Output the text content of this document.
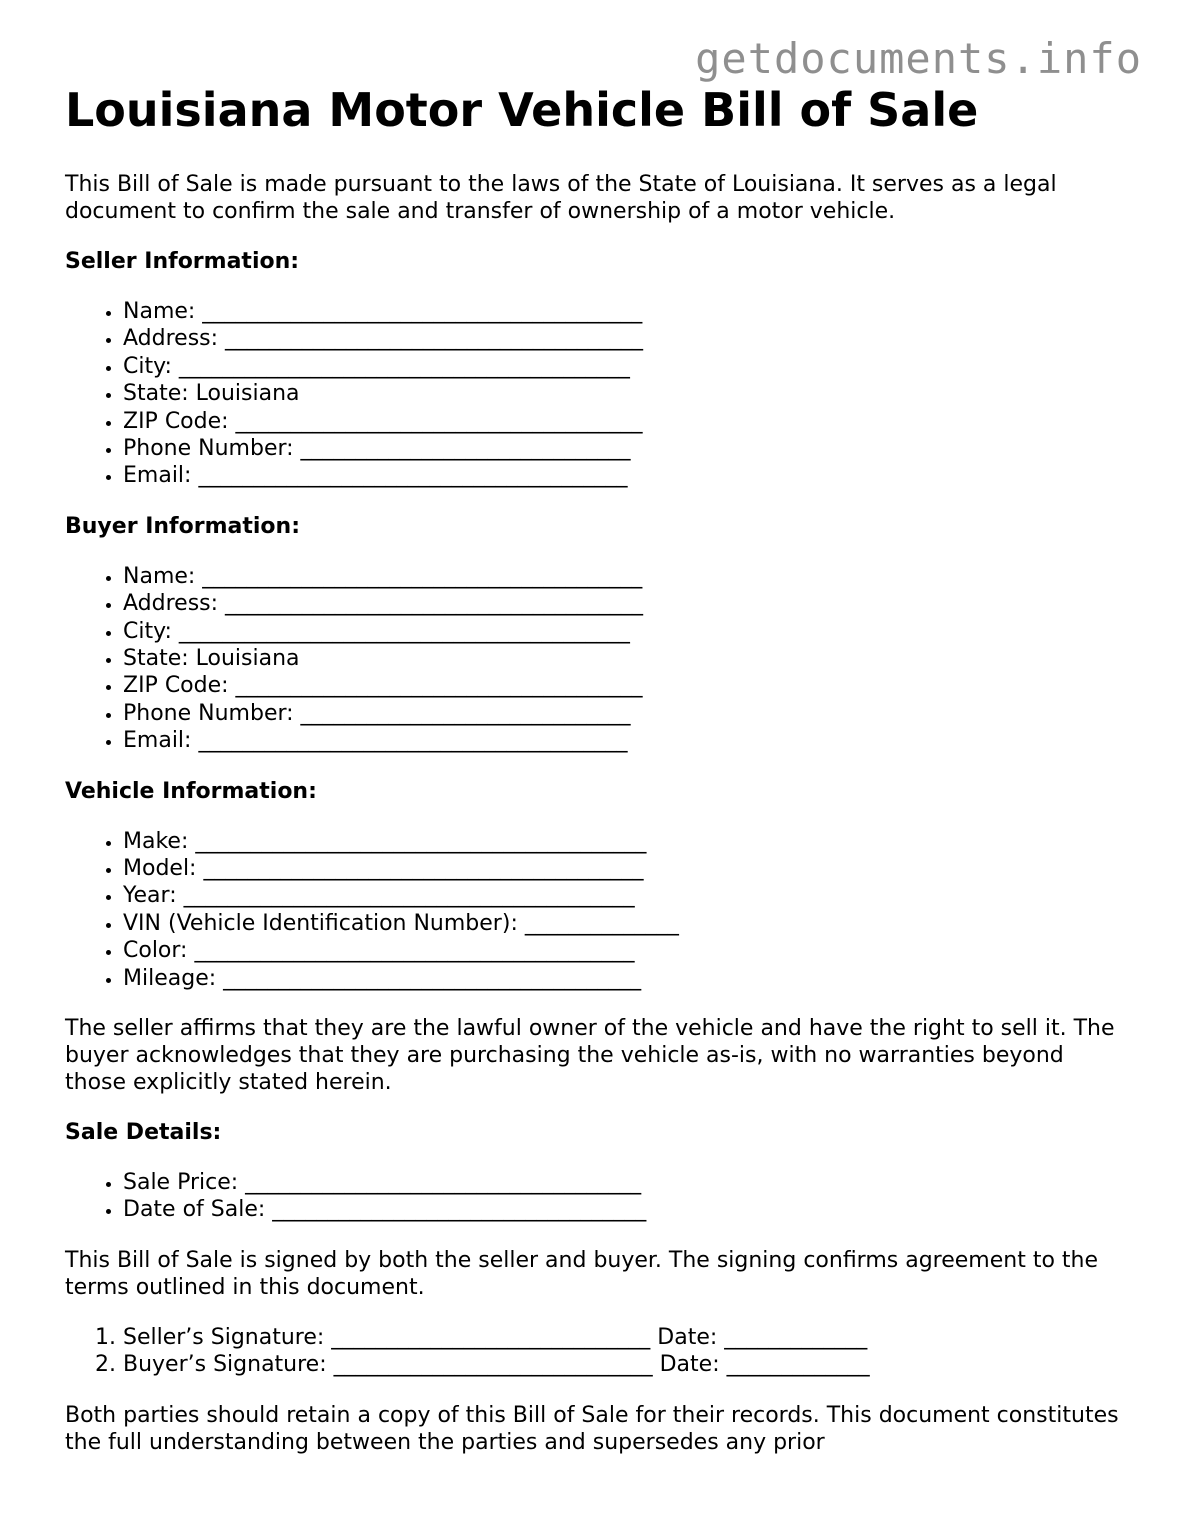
getdocuments.info
Louisiana Motor Vehicle Bill of Sale

This Bill of Sale is made pursuant to the laws of the State of Louisiana. It serves as a legal document to confirm the sale and transfer of ownership of a motor vehicle.

Seller Information:
• Name: ________________________________________
• Address: ______________________________________
• City: _________________________________________
• State: Louisiana
• ZIP Code: _____________________________________
• Phone Number: ______________________________
• Email: _______________________________________
Buyer Information:
• Name: ________________________________________
• Address: ______________________________________
• City: _________________________________________
• State: Louisiana
• ZIP Code: _____________________________________
• Phone Number: ______________________________
• Email: _______________________________________
Vehicle Information:
• Make: _________________________________________
• Model: ________________________________________
• Year: _________________________________________
• VIN (Vehicle Identification Number): ______________
• Color: ________________________________________
• Mileage: ______________________________________

The seller affirms that they are the lawful owner of the vehicle and have the right to sell it. The buyer acknowledges that they are purchasing the vehicle as-is, with no warranties beyond those explicitly stated herein.

Sale Details:
• Sale Price: ____________________________________
• Date of Sale: __________________________________

This Bill of Sale is signed by both the seller and buyer. The signing confirms agreement to the terms outlined in this document.

1. Seller’s Signature: _____________________________ Date: _____________
2. Buyer’s Signature: _____________________________ Date: _____________

Both parties should retain a copy of this Bill of Sale for their records. This document constitutes the full understanding between the parties and supersedes any prior
